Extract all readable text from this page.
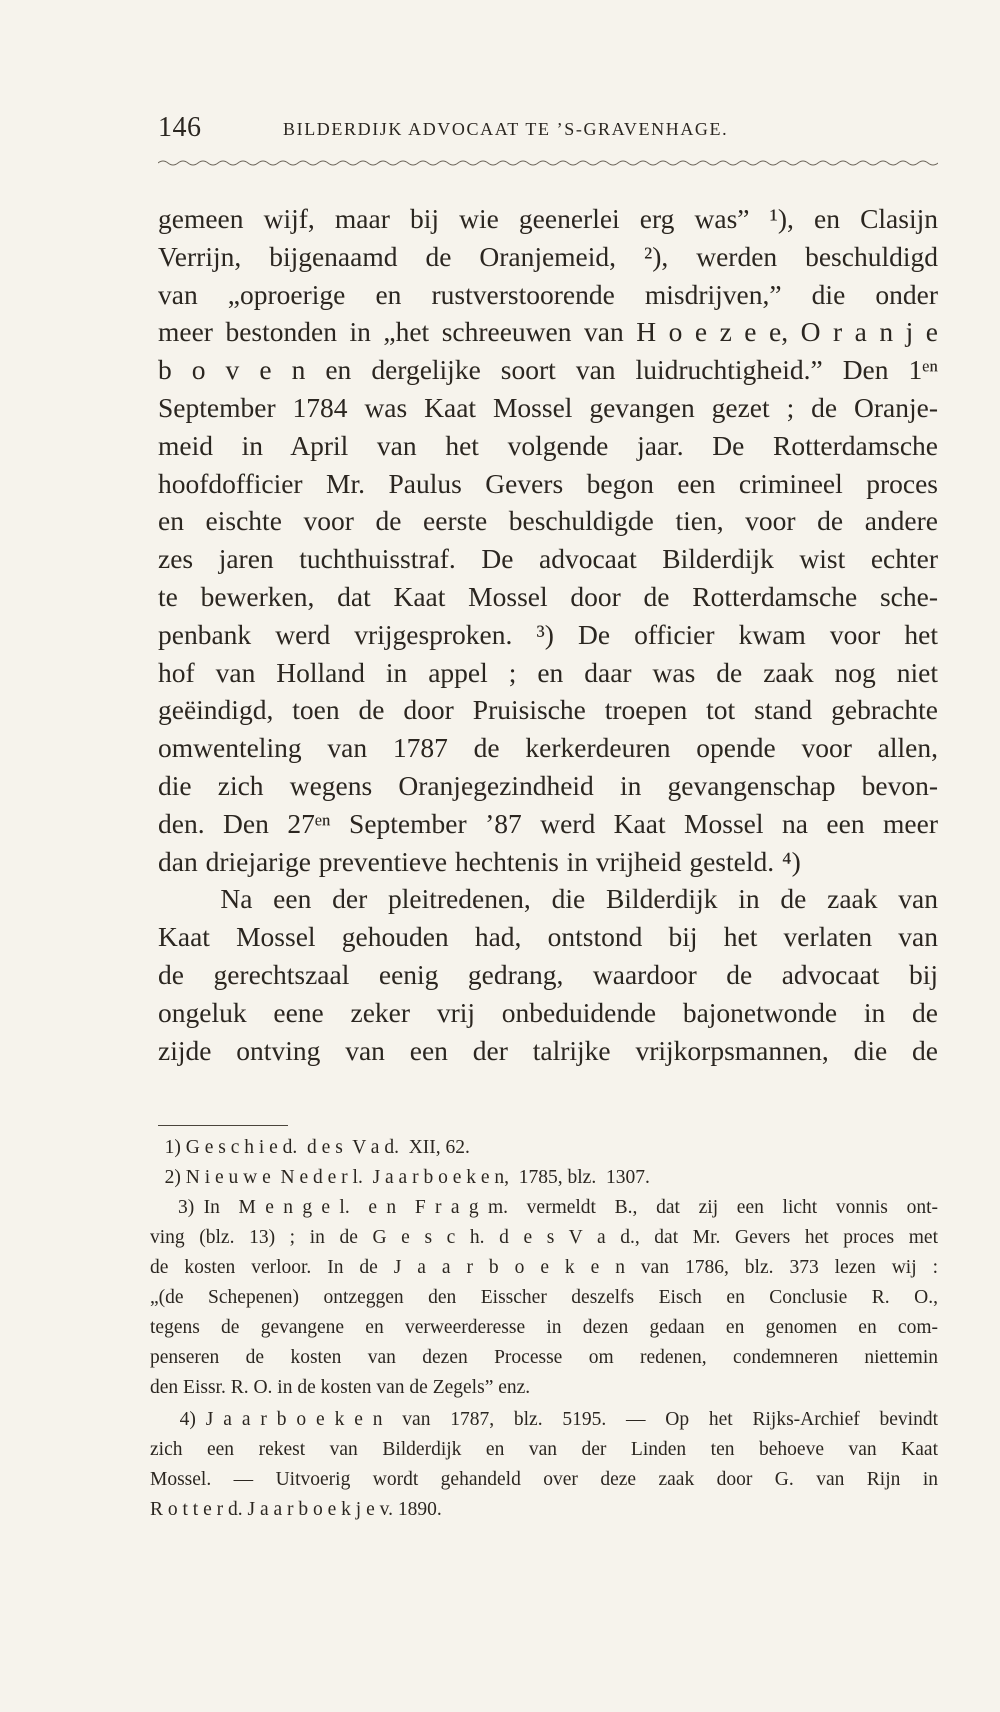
146	BILDERDIJK ADVOCAAT TE ’S-GRAVENHAGE.
gemeen wijf, maar bij wie geenerlei erg was” ¹), en Clasijn
Verrijn, bijgenaamd de Oranjemeid, ²), werden beschuldigd
van „oproerige en rustverstoorende misdrijven,” die onder
meer bestonden in „het schreeuwen van H o e z e e, O r a n j e
b o v e n en dergelijke soort van luidruchtigheid.” Den 1ᵉⁿ
September 1784 was Kaat Mossel gevangen gezet ; de Oranje-
meid in April van het volgende jaar. De Rotterdamsche
hoofdofficier Mr. Paulus Gevers begon een crimineel proces
en eischte voor de eerste beschuldigde tien, voor de andere
zes jaren tuchthuisstraf. De advocaat Bilderdijk wist echter
te bewerken, dat Kaat Mossel door de Rotterdamsche sche-
penbank werd vrijgesproken. ³) De officier kwam voor het
hof van Holland in appel ; en daar was de zaak nog niet
geëindigd, toen de door Pruisische troepen tot stand gebrachte
omwenteling van 1787 de kerkerdeuren opende voor allen,
die zich wegens Oranjegezindheid in gevangenschap bevon-
den. Den 27ᵉⁿ September ’87 werd Kaat Mossel na een meer
dan driejarige preventieve hechtenis in vrijheid gesteld. ⁴)
Na een der pleitredenen, die Bilderdijk in de zaak van
Kaat Mossel gehouden had, ontstond bij het verlaten van
de gerechtszaal eenig gedrang, waardoor de advocaat bij
ongeluk eene zeker vrij onbeduidende bajonetwonde in de
zijde ontving van een der talrijke vrijkorpsmannen, die de
1) G e s c h i e d.  d e s  V a d.  XII, 62.
2) N i e u w e  N e d e r l.  J a a r b o e k e n,  1785, blz.  1307.
3) In  M e n g e l.  e n  F r a g m.  vermeldt  B.,  dat  zij  een  licht  vonnis  ont-
ving (blz. 13) ; in de G e s c h. d e s V a d., dat Mr. Gevers het proces met
de kosten verloor. In de J a a r b o e k e n van 1786, blz. 373 lezen wij :
„(de Schepenen) ontzeggen den Eisscher deszelfs Eisch en Conclusie R. O.,
tegens de gevangene en verweerderesse in dezen gedaan en genomen en com-
penseren de kosten van dezen Processe om redenen, condemneren niettemin
den Eissr. R. O. in de kosten van de Zegels” enz.
4) J a a r b o e k e n  van  1787,  blz.  5195.  —  Op  het  Rijks-Archief  bevindt
zich een rekest van Bilderdijk en van der Linden ten behoeve van Kaat
Mossel. — Uitvoerig wordt gehandeld over deze zaak door G. van Rijn in
R o t t e r d. J a a r b o e k j e v. 1890.
